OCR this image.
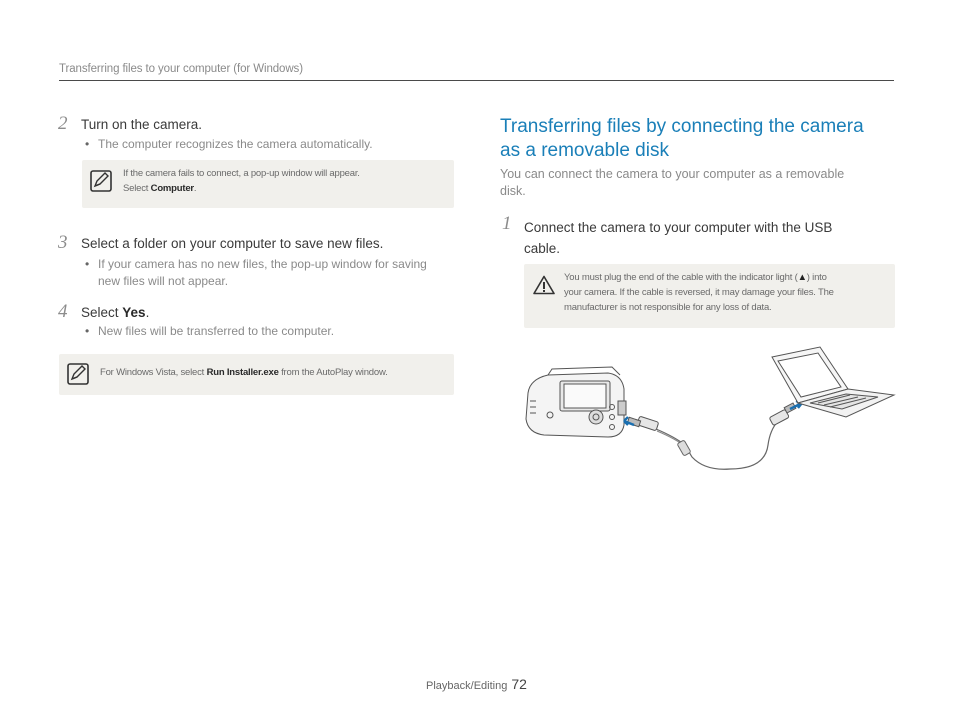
Transferring files to your computer (for Windows)
2 Turn on the camera.
• The computer recognizes the camera automatically.
If the camera fails to connect, a pop-up window will appear.
Select Computer.
3 Select a folder on your computer to save new files.
• If your camera has no new files, the pop-up window for saving
new files will not appear.
4 Select Yes.
• New files will be transferred to the computer.
For Windows Vista, select Run Installer.exe from the AutoPlay window.
Transferring files by connecting the camera
as a removable disk
You can connect the camera to your computer as a removable
disk.
1 Connect the camera to your computer with the USB
cable.
You must plug the end of the cable with the indicator light (▲) into
your camera. If the cable is reversed, it may damage your files. The
manufacturer is not responsible for any loss of data.
Playback/Editing 72
